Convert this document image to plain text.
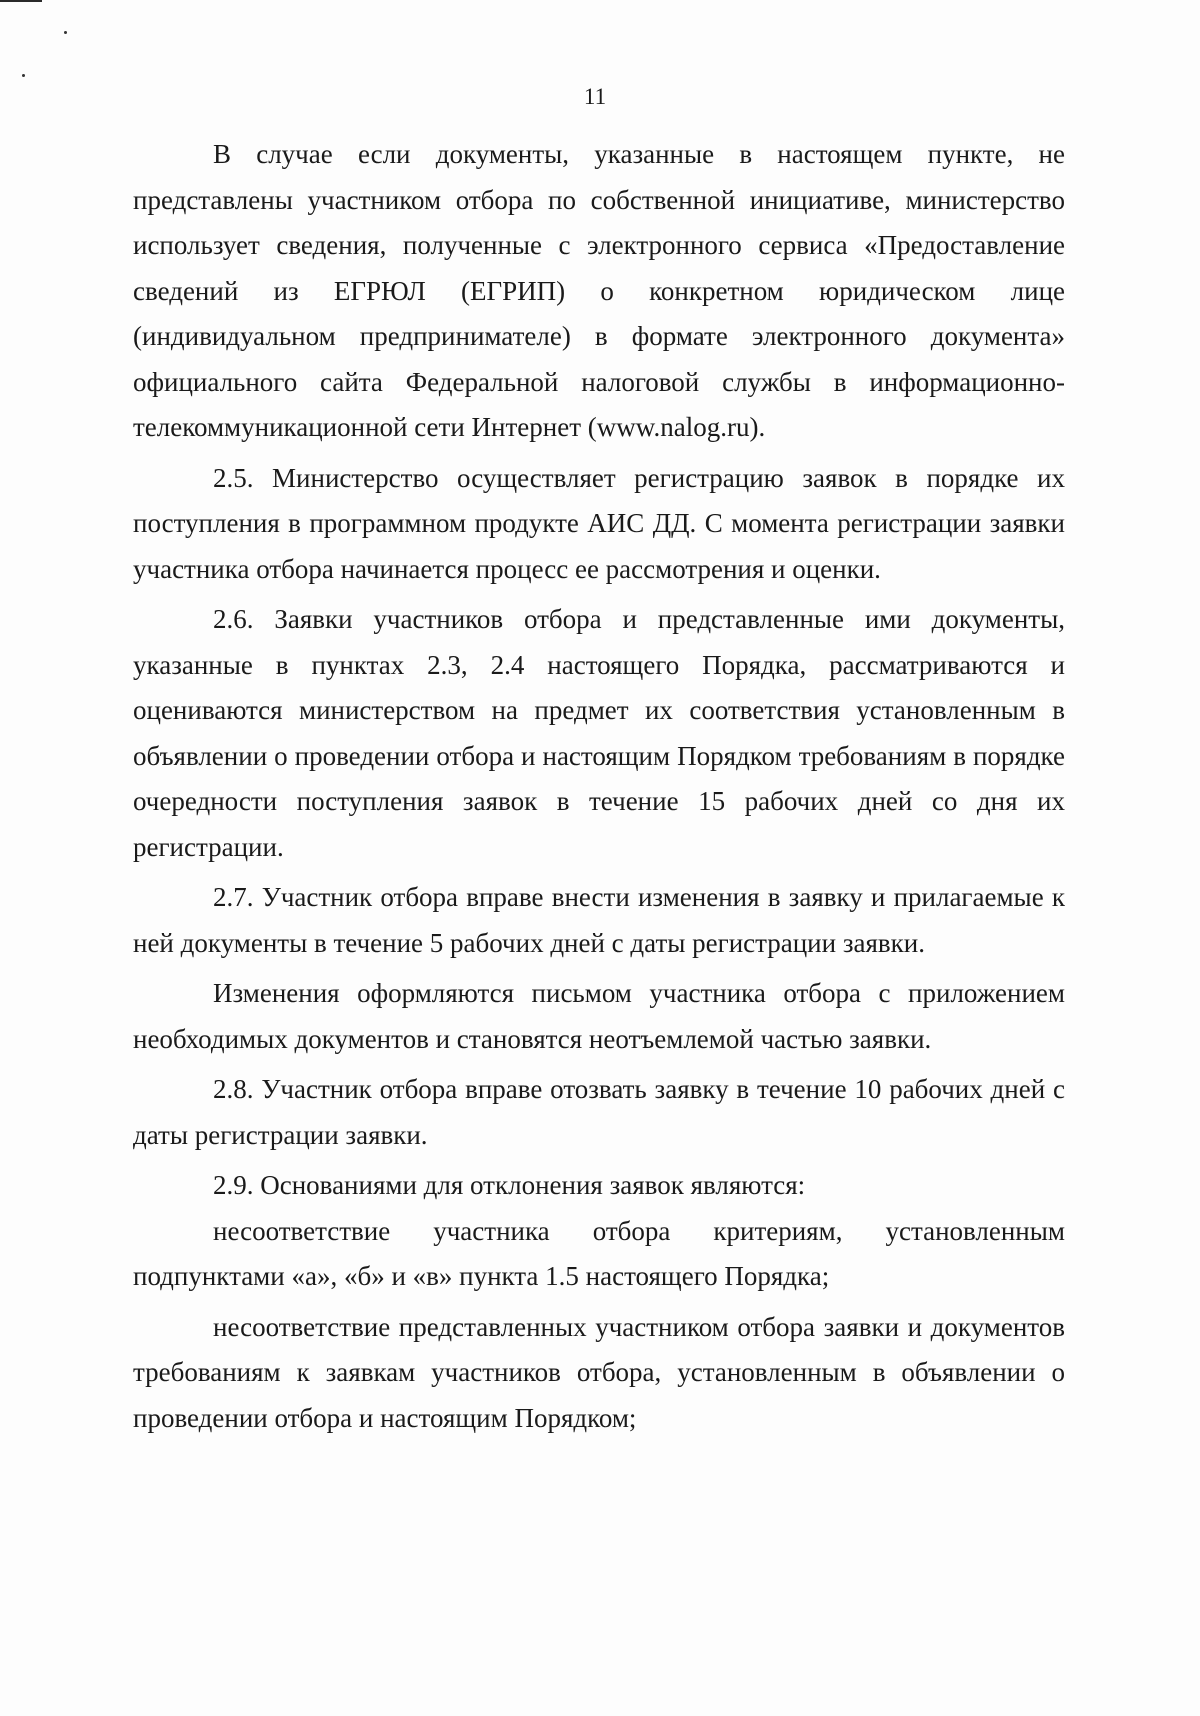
11

В случае если документы, указанные в настоящем пункте, не представлены участником отбора по собственной инициативе, министерство использует сведения, полученные с электронного сервиса «Предоставление сведений из ЕГРЮЛ (ЕГРИП) о конкретном юридическом лице (индивидуальном предпринимателе) в формате электронного документа» официального сайта Федеральной налоговой службы в информационно-телекоммуникационной сети Интернет (www.nalog.ru).

2.5. Министерство осуществляет регистрацию заявок в порядке их поступления в программном продукте АИС ДД. С момента регистрации заявки участника отбора начинается процесс ее рассмотрения и оценки.

2.6. Заявки участников отбора и представленные ими документы, указанные в пунктах 2.3, 2.4 настоящего Порядка, рассматриваются и оцениваются министерством на предмет их соответствия установленным в объявлении о проведении отбора и настоящим Порядком требованиям в порядке очередности поступления заявок в течение 15 рабочих дней со дня их регистрации.

2.7. Участник отбора вправе внести изменения в заявку и прилагаемые к ней документы в течение 5 рабочих дней с даты регистрации заявки.

Изменения оформляются письмом участника отбора с приложением необходимых документов и становятся неотъемлемой частью заявки.

2.8. Участник отбора вправе отозвать заявку в течение 10 рабочих дней с даты регистрации заявки.

2.9. Основаниями для отклонения заявок являются:

несоответствие участника отбора критериям, установленным подпунктами «а», «б» и «в» пункта 1.5 настоящего Порядка;

несоответствие представленных участником отбора заявки и документов требованиям к заявкам участников отбора, установленным в объявлении о проведении отбора и настоящим Порядком;
